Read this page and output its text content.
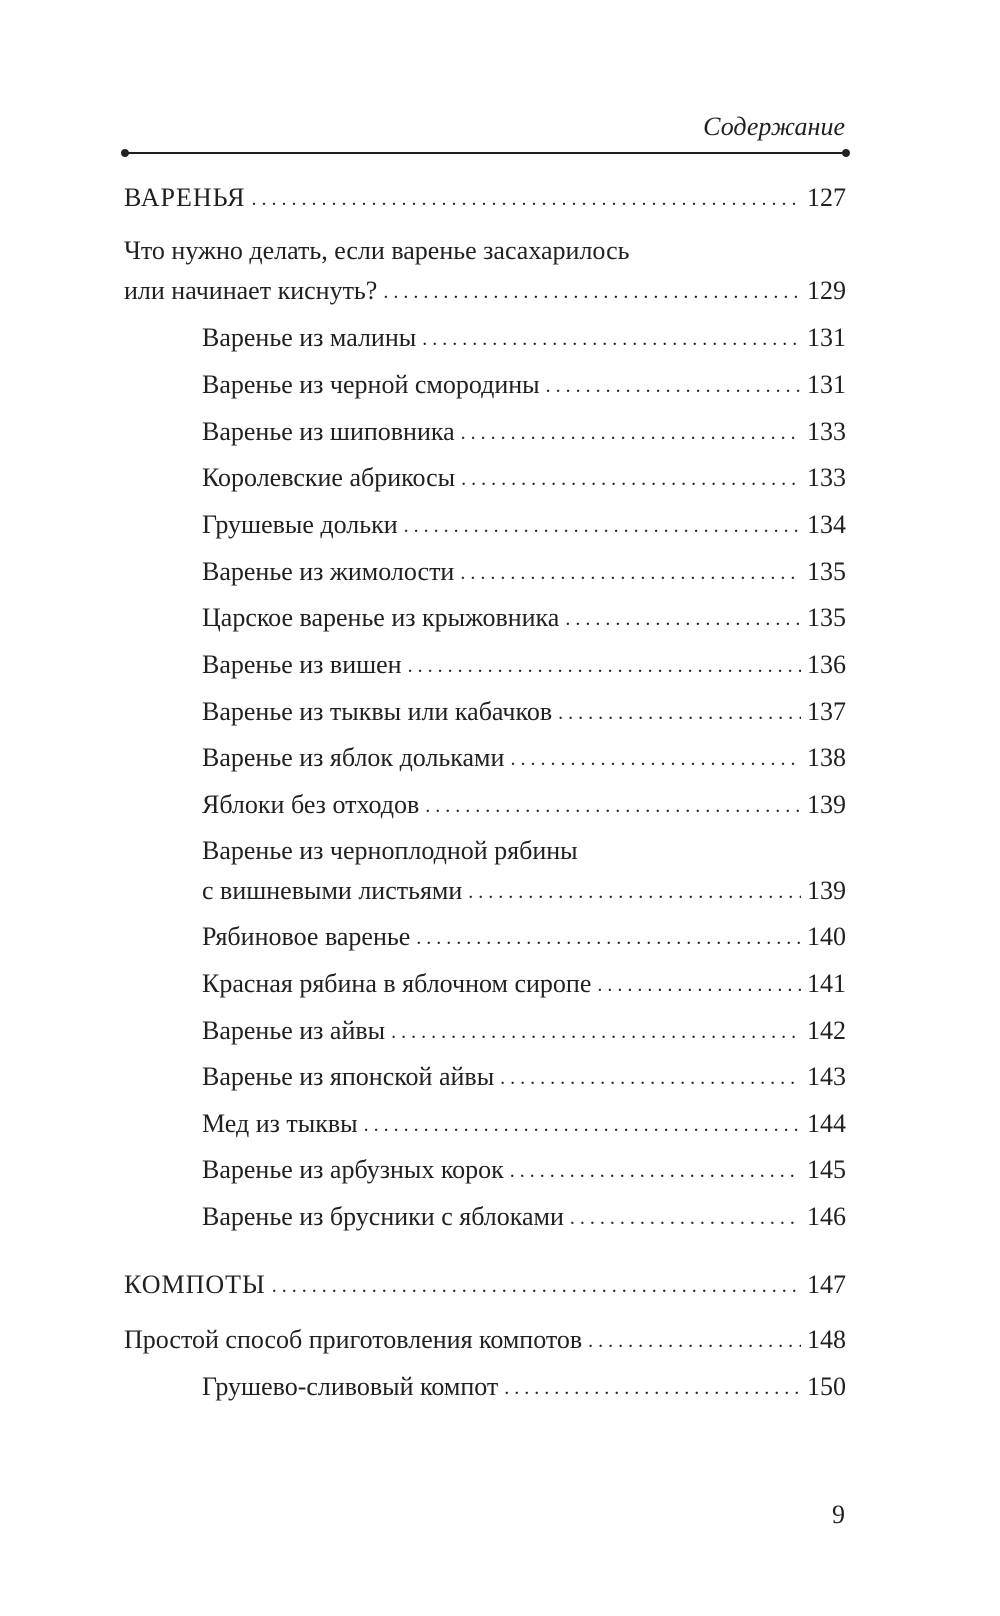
Содержание
ВАРЕНЬЯ . . .	127
Что нужно делать, если варенье засахарилось
или начинает киснуть? . . .	129
Варенье из малины . . .	131
Варенье из черной смородины . . .	131
Варенье из шиповника . . .	133
Королевские абрикосы . . .	133
Грушевые дольки . . .	134
Варенье из жимолости . . .	135
Царское варенье из крыжовника . . .	135
Варенье из вишен . . .	136
Варенье из тыквы или кабачков . . .	137
Варенье из яблок дольками . . .	138
Яблоки без отходов . . .	139
Варенье из черноплодной рябины
с вишневыми листьями . . .	139
Рябиновое варенье . . .	140
Красная рябина в яблочном сиропе . . .	141
Варенье из айвы . . .	142
Варенье из японской айвы . . .	143
Мед из тыквы . . .	144
Варенье из арбузных корок . . .	145
Варенье из брусники с яблоками . . .	146
КОМПОТЫ . . .	147
Простой способ приготовления компотов . . .	148
Грушево-сливовый компот . . .	150
9
